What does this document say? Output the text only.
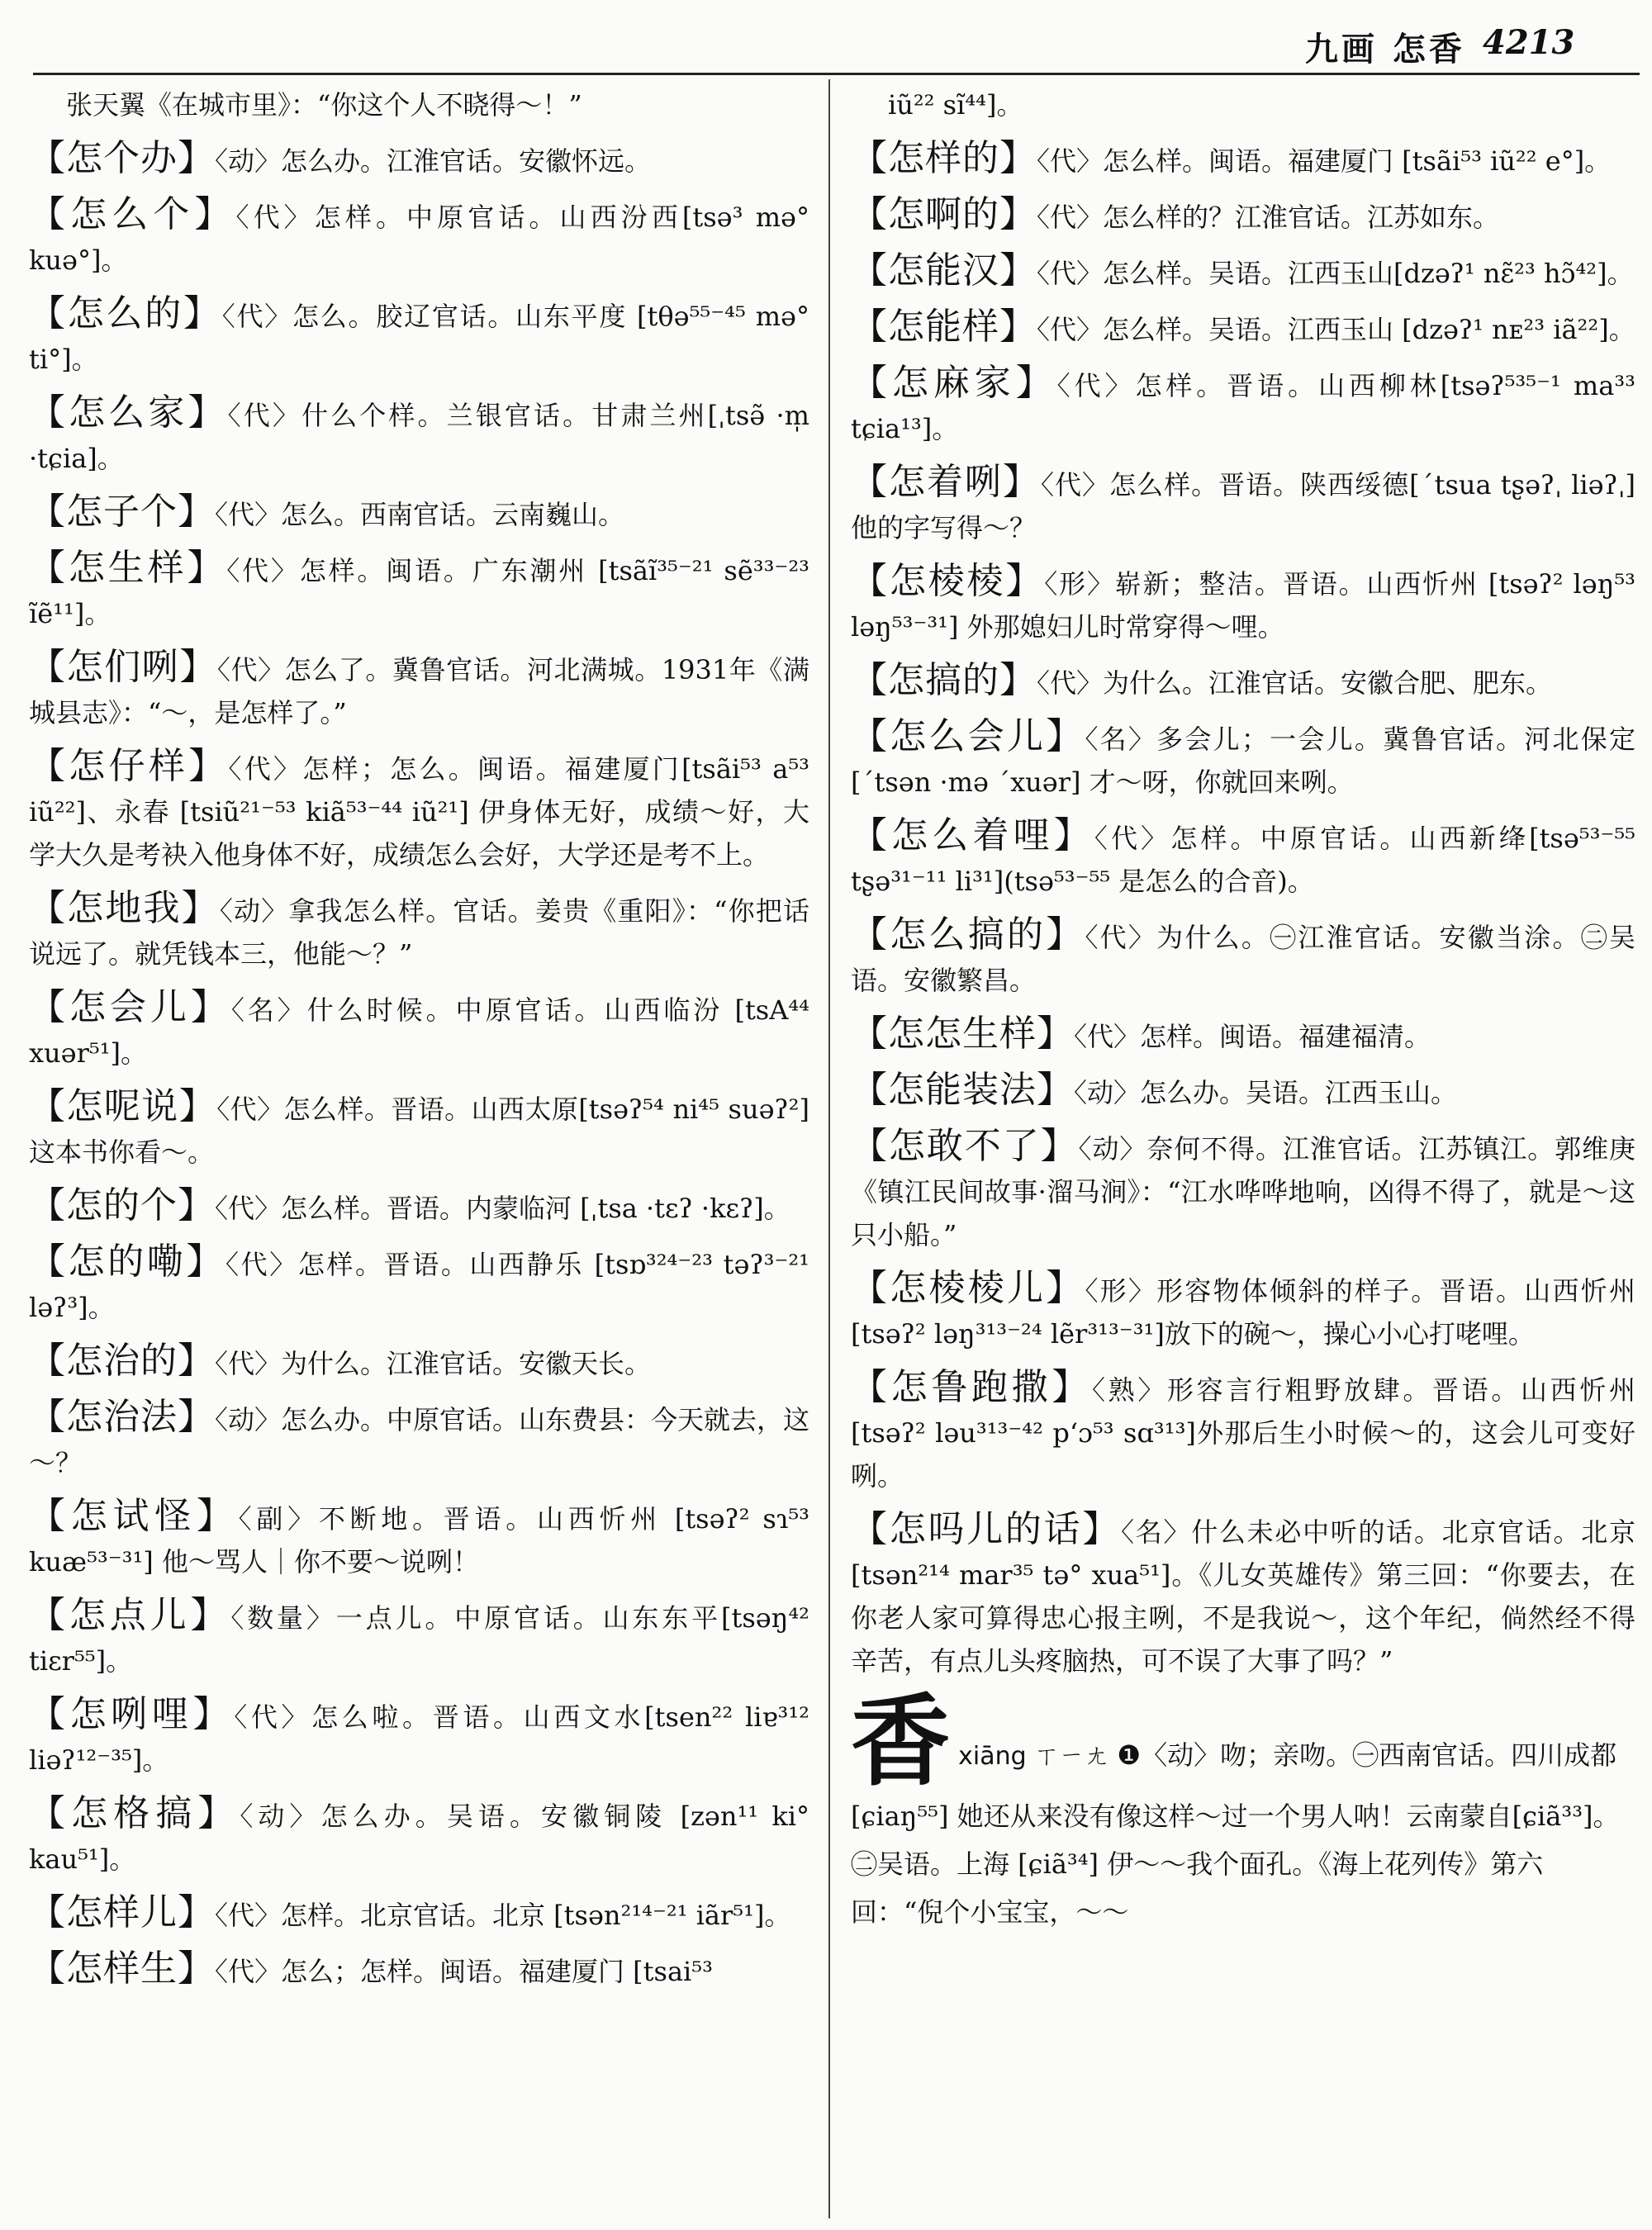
九画 怎香 4213
张天翼《在城市里》：“你这个人不晓得～！”
【怎个办】〈动〉怎么办。江淮官话。安徽怀远。
【怎么个】〈代〉怎样。中原官话。山西汾西[tsə³ mə° kuə°]。
【怎么的】〈代〉怎么。胶辽官话。山东平度 [tθə⁵⁵⁻⁴⁵ mə° ti°]。
【怎么家】〈代〉什么个样。兰银官话。甘肃兰州[ˌtsə̃ ·m̩ ·tɕia]。
【怎子个】〈代〉怎么。西南官话。云南巍山。
【怎生样】〈代〉怎样。闽语。广东潮州 [tsãĩ³⁵⁻²¹ sẽ³³⁻²³ ĩẽ¹¹]。
【怎们咧】〈代〉怎么了。冀鲁官话。河北满城。1931年《满城县志》：“～，是怎样了。”
【怎仔样】〈代〉怎样；怎么。闽语。福建厦门[tsãi⁵³ a⁵³ iũ²²]、永春 [tsiũ²¹⁻⁵³ kiã⁵³⁻⁴⁴ iũ²¹] 伊身体无好，成绩～好，大学大久是考袂入他身体不好，成绩怎么会好，大学还是考不上。
【怎地我】〈动〉拿我怎么样。官话。姜贵《重阳》：“你把话说远了。就凭钱本三，他能～？”
【怎会儿】〈名〉什么时候。中原官话。山西临汾 [tsA⁴⁴ xuər⁵¹]。
【怎呢说】〈代〉怎么样。晋语。山西太原[tsəʔ⁵⁴ ni⁴⁵ suəʔ²] 这本书你看～。
【怎的个】〈代〉怎么样。晋语。内蒙临河 [ˌtsa ·tɛʔ ·kɛʔ]。
【怎的嘞】〈代〉怎样。晋语。山西静乐 [tsɒ³²⁴⁻²³ təʔ³⁻²¹ ləʔ³]。
【怎治的】〈代〉为什么。江淮官话。安徽天长。
【怎治法】〈动〉怎么办。中原官话。山东费县：今天就去，这～？
【怎试怪】〈副〉不断地。晋语。山西忻州 [tsəʔ² sɿ⁵³ kuæ⁵³⁻³¹] 他～骂人｜你不要～说咧！
【怎点儿】〈数量〉一点儿。中原官话。山东东平[tsəŋ⁴² tiɛr⁵⁵]。
【怎咧哩】〈代〉怎么啦。晋语。山西文水[tsen²² liɐ³¹² liəʔ¹²⁻³⁵]。
【怎格搞】〈动〉怎么办。吴语。安徽铜陵 [zən¹¹ ki° kau⁵¹]。
【怎样儿】〈代〉怎样。北京官话。北京 [tsən²¹⁴⁻²¹ iãr⁵¹]。
【怎样生】〈代〉怎么；怎样。闽语。福建厦门 [tsai⁵³
iũ²² sĩ⁴⁴]。
【怎样的】〈代〉怎么样。闽语。福建厦门 [tsãi⁵³ iũ²² e°]。
【怎啊的】〈代〉怎么样的？江淮官话。江苏如东。
【怎能汉】〈代〉怎么样。吴语。江西玉山[dzəʔ¹ nɛ̃²³ hɔ̃⁴²]。
【怎能样】〈代〉怎么样。吴语。江西玉山 [dzəʔ¹ nᴇ²³ iã²²]。
【怎麻家】〈代〉怎样。晋语。山西柳林[tsəʔ⁵³⁵⁻¹ ma³³ tɕia¹³]。
【怎着咧】〈代〉怎么样。晋语。陕西绥德[ˊtsua tʂəʔˌ liəʔˌ] 他的字写得～？
【怎棱棱】〈形〉崭新；整洁。晋语。山西忻州 [tsəʔ² ləŋ⁵³ ləŋ⁵³⁻³¹] 外那媳妇儿时常穿得～哩。
【怎搞的】〈代〉为什么。江淮官话。安徽合肥、肥东。
【怎么会儿】〈名〉多会儿；一会儿。冀鲁官话。河北保定 [ˊtsən ·mə ˊxuər] 才～呀，你就回来咧。
【怎么着哩】〈代〉怎样。中原官话。山西新绛[tsə⁵³⁻⁵⁵ tʂə³¹⁻¹¹ li³¹](tsə⁵³⁻⁵⁵ 是怎么的合音)。
【怎么搞的】〈代〉为什么。㊀江淮官话。安徽当涂。㊁吴语。安徽繁昌。
【怎怎生样】〈代〉怎样。闽语。福建福清。
【怎能装法】〈动〉怎么办。吴语。江西玉山。
【怎敢不了】〈动〉奈何不得。江淮官话。江苏镇江。郭维庚《镇江民间故事·溜马涧》：“江水哗哗地响，凶得不得了，就是～这只小船。”
【怎棱棱儿】〈形〉形容物体倾斜的样子。晋语。山西忻州[tsəʔ² ləŋ³¹³⁻²⁴ lẽr³¹³⁻³¹]放下的碗～，操心小心打咾哩。
【怎鲁跑撒】〈熟〉形容言行粗野放肆。晋语。山西忻州[tsəʔ² ləu³¹³⁻⁴² pʻɔ⁵³ sɑ³¹³]外那后生小时候～的，这会儿可变好咧。
【怎吗儿的话】〈名〉什么未必中听的话。北京官话。北京[tsən²¹⁴ mar³⁵ tə° xua⁵¹]。《儿女英雄传》第三回：“你要去，在你老人家可算得忠心报主咧，不是我说～，这个年纪，倘然经不得辛苦，有点儿头疼脑热，可不误了大事了吗？”
香 xiāng ㄒㄧㄤ ❶〈动〉吻；亲吻。㊀西南官话。四川成都 [ɕiaŋ⁵⁵] 她还从来没有像这样～过一个男人呐！云南蒙自[ɕiã³³]。㊁吴语。上海 [ɕiã³⁴] 伊～～我个面孔。《海上花列传》第六回：“倪个小宝宝，～～
